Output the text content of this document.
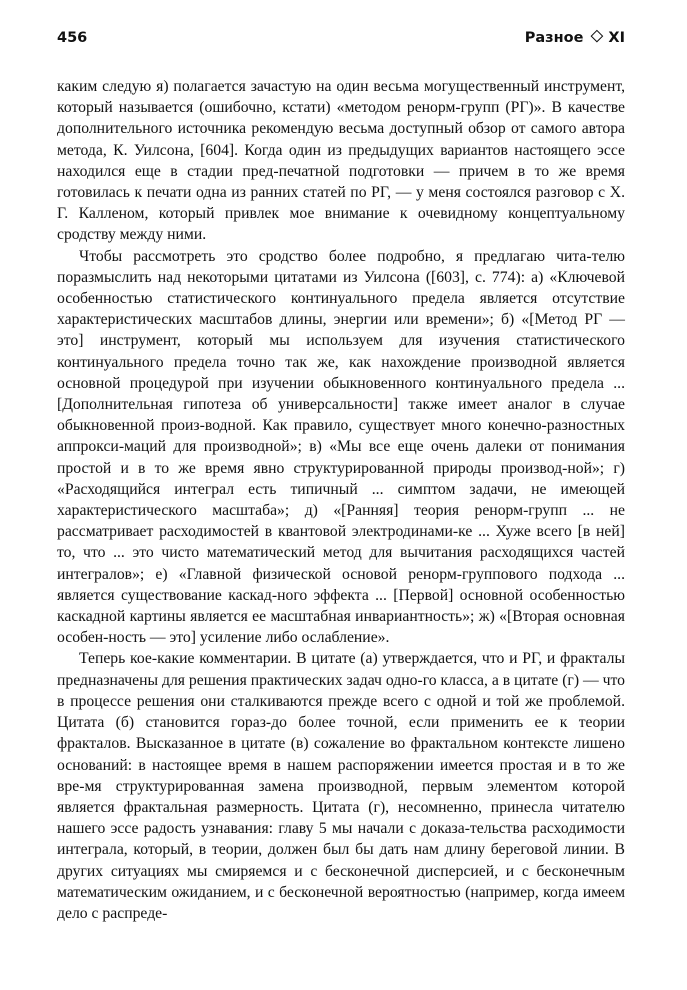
456	Разное XI

каким следую я) полагается зачастую на один весьма могущественный инструмент, который называется (ошибочно, кстати) «методом ренорм-групп (РГ)». В качестве дополнительного источника рекомендую весьма доступный обзор от самого автора метода, К. Уилсона, [604]. Когда один из предыдущих вариантов настоящего эссе находился еще в стадии пред-печатной подготовки — причем в то же время готовилась к печати одна из ранних статей по РГ, — у меня состоялся разговор с Х. Г. Калленом, который привлек мое внимание к очевидному концептуальному сродству между ними.

Чтобы рассмотреть это сродство более подробно, я предлагаю чита-телю поразмыслить над некоторыми цитатами из Уилсона ([603], с. 774): а) «Ключевой особенностью статистического континуального предела является отсутствие характеристических масштабов длины, энергии или времени»; б) «[Метод РГ — это] инструмент, который мы используем для изучения статистического континуального предела точно так же, как нахождение производной является основной процедурой при изучении обыкновенного континуального предела ... [Дополнительная гипотеза об универсальности] также имеет аналог в случае обыкновенной произ-водной. Как правило, существует много конечно-разностных аппрокси-маций для производной»; в) «Мы все еще очень далеки от понимания простой и в то же время явно структурированной природы производ-ной»; г) «Расходящийся интеграл есть типичный ... симптом задачи, не имеющей характеристического масштаба»; д) «[Ранняя] теория ренорм-групп ... не рассматривает расходимостей в квантовой электродинами-ке ... Хуже всего [в ней] то, что ... это чисто математический метод для вычитания расходящихся частей интегралов»; е) «Главной физической основой ренорм-группового подхода ... является существование каскад-ного эффекта ... [Первой] основной особенностью каскадной картины является ее масштабная инвариантность»; ж) «[Вторая основная особен-ность — это] усиление либо ослабление».

Теперь кое-какие комментарии. В цитате (а) утверждается, что и РГ, и фракталы предназначены для решения практических задач одно-го класса, а в цитате (г) — что в процессе решения они сталкиваются прежде всего с одной и той же проблемой. Цитата (б) становится гораз-до более точной, если применить ее к теории фракталов. Высказанное в цитате (в) сожаление во фрактальном контексте лишено оснований: в настоящее время в нашем распоряжении имеется простая и в то же вре-мя структурированная замена производной, первым элементом которой является фрактальная размерность. Цитата (г), несомненно, принесла читателю нашего эссе радость узнавания: главу 5 мы начали с доказа-тельства расходимости интеграла, который, в теории, должен был бы дать нам длину береговой линии. В других ситуациях мы смиряемся и с бесконечной дисперсией, и с бесконечным математическим ожиданием, и с бесконечной вероятностью (например, когда имеем дело с распреде-
